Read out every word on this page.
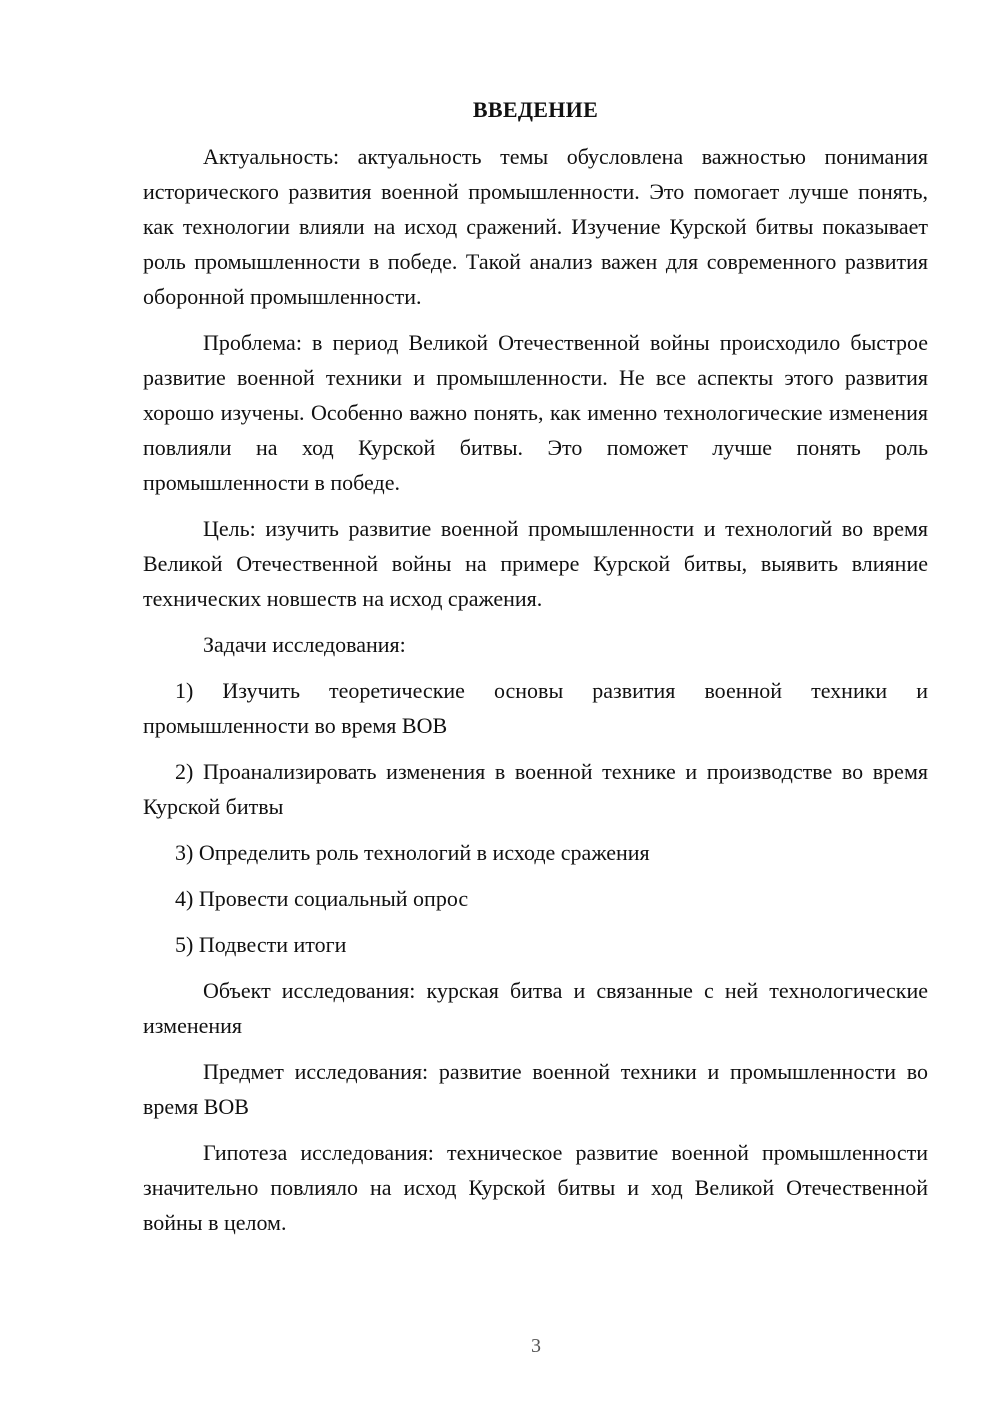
ВВЕДЕНИЕ

Актуальность: актуальность темы обусловлена важностью понимания исторического развития военной промышленности. Это помогает лучше понять, как технологии влияли на исход сражений. Изучение Курской битвы показывает роль промышленности в победе. Такой анализ важен для современного развития оборонной промышленности.

Проблема: в период Великой Отечественной войны происходило быстрое развитие военной техники и промышленности. Не все аспекты этого развития хорошо изучены. Особенно важно понять, как именно технологические изменения повлияли на ход Курской битвы. Это поможет лучше понять роль промышленности в победе.

Цель: изучить развитие военной промышленности и технологий во время Великой Отечественной войны на примере Курской битвы, выявить влияние технических новшеств на исход сражения.

Задачи исследования:

1) Изучить теоретические основы развития военной техники и промышленности во время ВОВ

2) Проанализировать изменения в военной технике и производстве во время Курской битвы

3) Определить роль технологий в исходе сражения

4) Провести социальный опрос

5) Подвести итоги

Объект исследования: курская битва и связанные с ней технологические изменения

Предмет исследования: развитие военной техники и промышленности во время ВОВ

Гипотеза исследования: техническое развитие военной промышленности значительно повлияло на исход Курской битвы и ход Великой Отечественной войны в целом.

3
